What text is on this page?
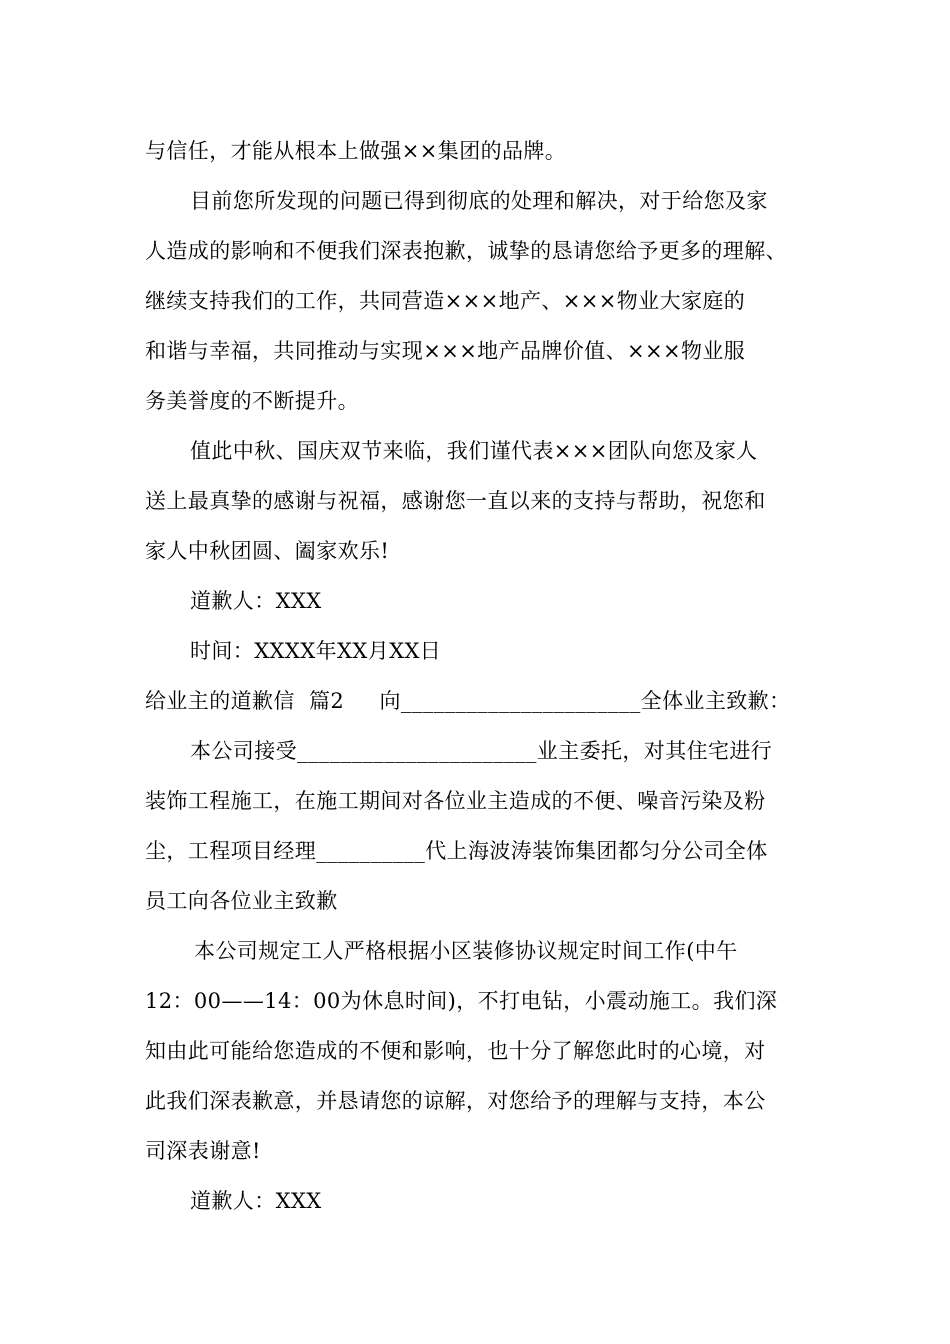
与信任，才能从根本上做强××集团的品牌。
目前您所发现的问题已得到彻底的处理和解决，对于给您及家
人造成的影响和不便我们深表抱歉，诚挚的恳请您给予更多的理解、
继续支持我们的工作，共同营造×××地产、×××物业大家庭的
和谐与幸福，共同推动与实现×××地产品牌价值、×××物业服
务美誉度的不断提升。
值此中秋、国庆双节来临，我们谨代表×××团队向您及家人
送上最真挚的感谢与祝福，感谢您一直以来的支持与帮助，祝您和
家人中秋团圆、阖家欢乐!
道歉人：XXX
时间：XXXX年XX月XX日
给业主的道歉信  篇2     向______________________全体业主致歉：
本公司接受______________________业主委托，对其住宅进行
装饰工程施工，在施工期间对各位业主造成的不便、噪音污染及粉
尘，工程项目经理__________代上海波涛装饰集团都匀分公司全体
员工向各位业主致歉
本公司规定工人严格根据小区装修协议规定时间工作(中午
12：00——14：00为休息时间)，不打电钻，小震动施工。我们深
知由此可能给您造成的不便和影响，也十分了解您此时的心境，对
此我们深表歉意，并恳请您的谅解，对您给予的理解与支持，本公
司深表谢意!
道歉人：XXX
